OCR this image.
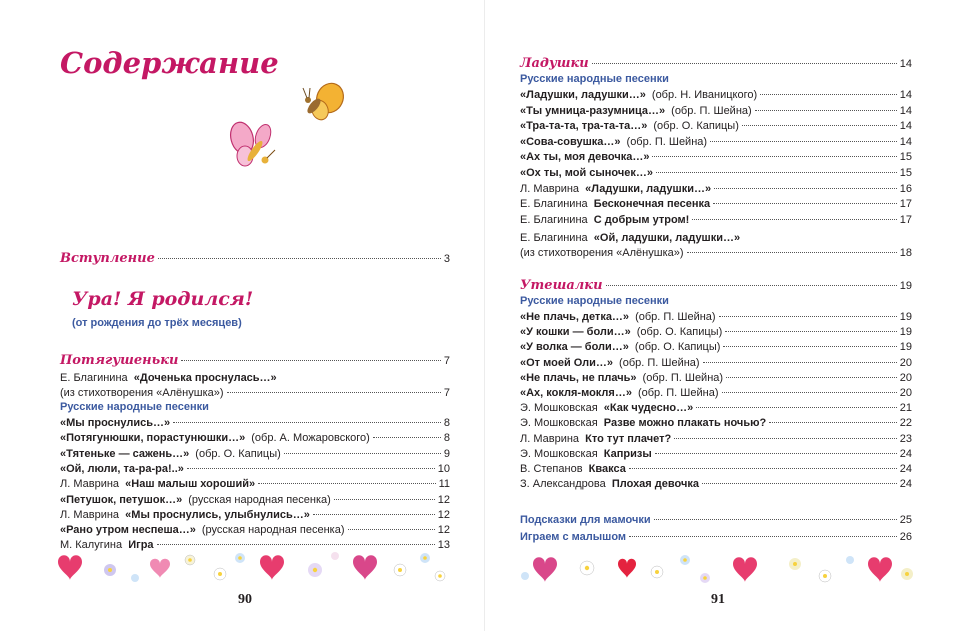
Содержание
Вступление	3
Ура! Я родился!
(от рождения до трёх месяцев)
Потягушеньки	7
Е. Благинина «Доченька проснулась…»
(из стихотворения «Алёнушка»)	7
Русские народные песенки
«Мы проснулись…»	8
«Потягунюшки, порастунюшки…» (обр. А. Можаровского)	8
«Тятеньке — сажень…» (обр. О. Капицы)	9
«Ой, люли, та-ра-ра!..»	10
Л. Маврина «Наш малыш хороший»	11
«Петушок, петушок…» (русская народная песенка)	12
Л. Маврина «Мы проснулись, улыбнулись…»	12
«Рано утром неспеша…» (русская народная песенка)	12
М. Калугина Игра	13
90
Ладушки	14
Русские народные песенки
«Ладушки, ладушки…» (обр. Н. Иваницкого)	14
«Ты умница-разумница…» (обр. П. Шейна)	14
«Тра-та-та, тра-та-та…» (обр. О. Капицы)	14
«Сова-совушка…» (обр. П. Шейна)	14
«Ах ты, моя девочка…»	15
«Ох ты, мой сыночек…»	15
Л. Маврина «Ладушки, ладушки…»	16
Е. Благинина Бесконечная песенка	17
Е. Благинина С добрым утром!	17
Е. Благинина «Ой, ладушки, ладушки…»
(из стихотворения «Алёнушка»)	18
Утешалки	19
Русские народные песенки
«Не плачь, детка…» (обр. П. Шейна)	19
«У кошки — боли…» (обр. О. Капицы)	19
«У волка — боли…» (обр. О. Капицы)	19
«От моей Оли…» (обр. П. Шейна)	20
«Не плачь, не плачь» (обр. П. Шейна)	20
«Ах, кокля-мокля…» (обр. П. Шейна)	20
Э. Мошковская «Как чудесно…»	21
Э. Мошковская Разве можно плакать ночью?	22
Л. Маврина Кто тут плачет?	23
Э. Мошковская Капризы	24
В. Степанов Квакса	24
З. Александрова Плохая девочка	24
Подсказки для мамочки	25
Играем с малышом	26
91
